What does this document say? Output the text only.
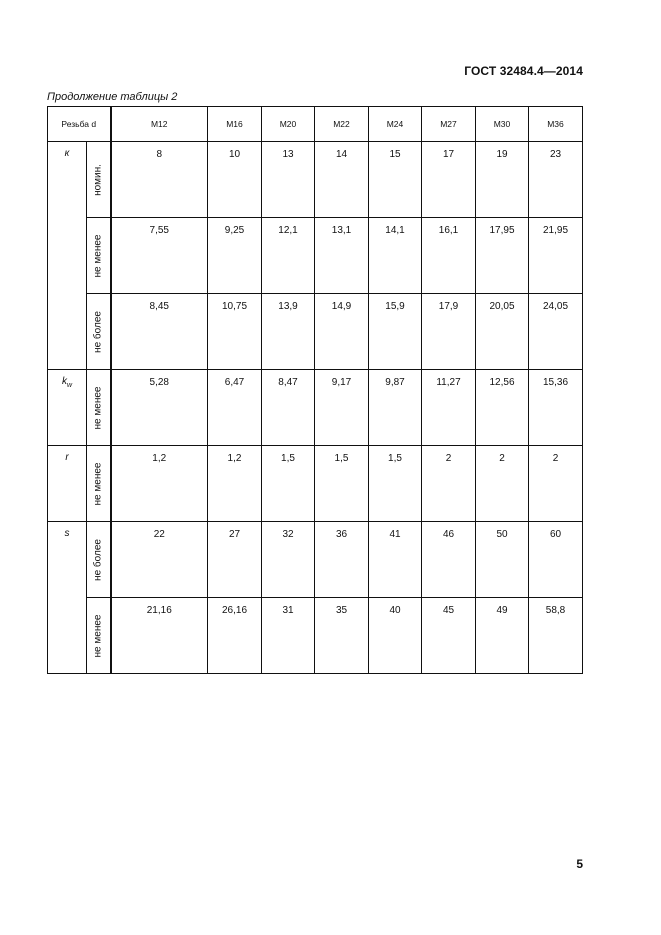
ГОСТ 32484.4—2014
Продолжение таблицы 2
Резьба d		M12	M16	M20	M22	M24	M27	M30	M36
к	номин.	8	10	13	14	15	17	19	23

	не менее	7,55	9,25	12,1	13,1	14,1	16,1	17,95	21,95

	не более	8,45	10,75	13,9	14,9	15,9	17,9	20,05	24,05
$k_w$	не менее	5,28	6,47	8,47	9,17	9,87	11,27	12,56	15,36
r	не менее	1,2	1,2	1,5	1,5	1,5	2	2	2
s	не более	22	27	32	36	41	46	50	60

	не менее	21,16	26,16	31	35	40	45	49	58,8
5
